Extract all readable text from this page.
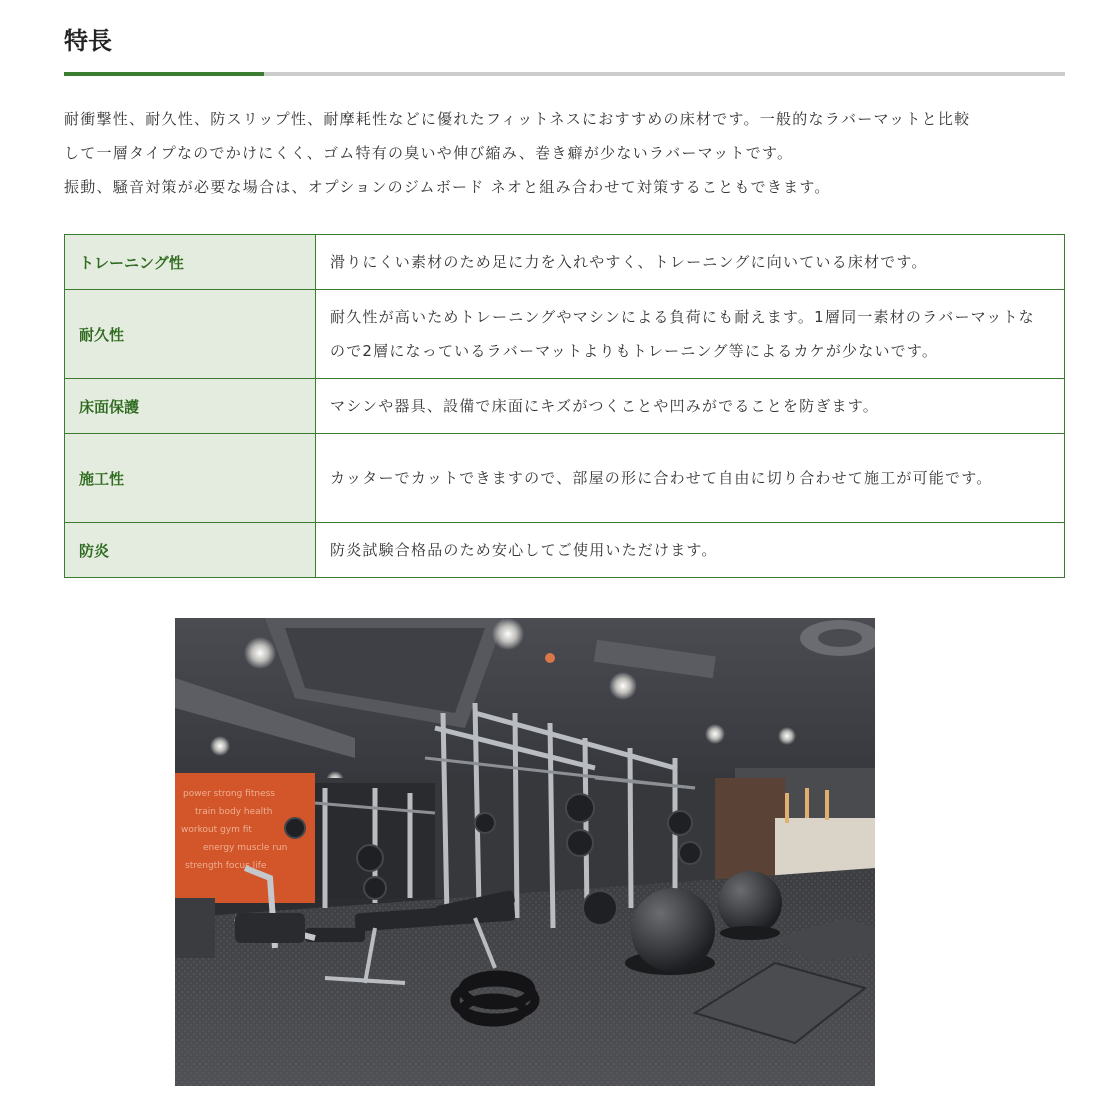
特長

耐衝撃性、耐久性、防スリップ性、耐摩耗性などに優れたフィットネスにおすすめの床材です。一般的なラバーマットと比較

して一層タイプなのでかけにくく、ゴム特有の臭いや伸び縮み、巻き癖が少ないラバーマットです。

振動、騒音対策が必要な場合は、オプションのジムボード ネオと組み合わせて対策することもできます。

トレーニング性	滑りにくい素材のため足に力を入れやすく、トレーニングに向いている床材です。
耐久性	耐久性が高いためトレーニングやマシンによる負荷にも耐えます。1層同一素材のラバーマットなので2層になっているラバーマットよりもトレーニング等によるカケが少ないです。
床面保護	マシンや器具、設備で床面にキズがつくことや凹みがでることを防ぎます。
施工性	カッターでカットできますので、部屋の形に合わせて自由に切り合わせて施工が可能です。
防炎	防炎試験合格品のため安心してご使用いただけます。
power strong fitness
train body health
workout gym fit
energy muscle run
strength focus life
